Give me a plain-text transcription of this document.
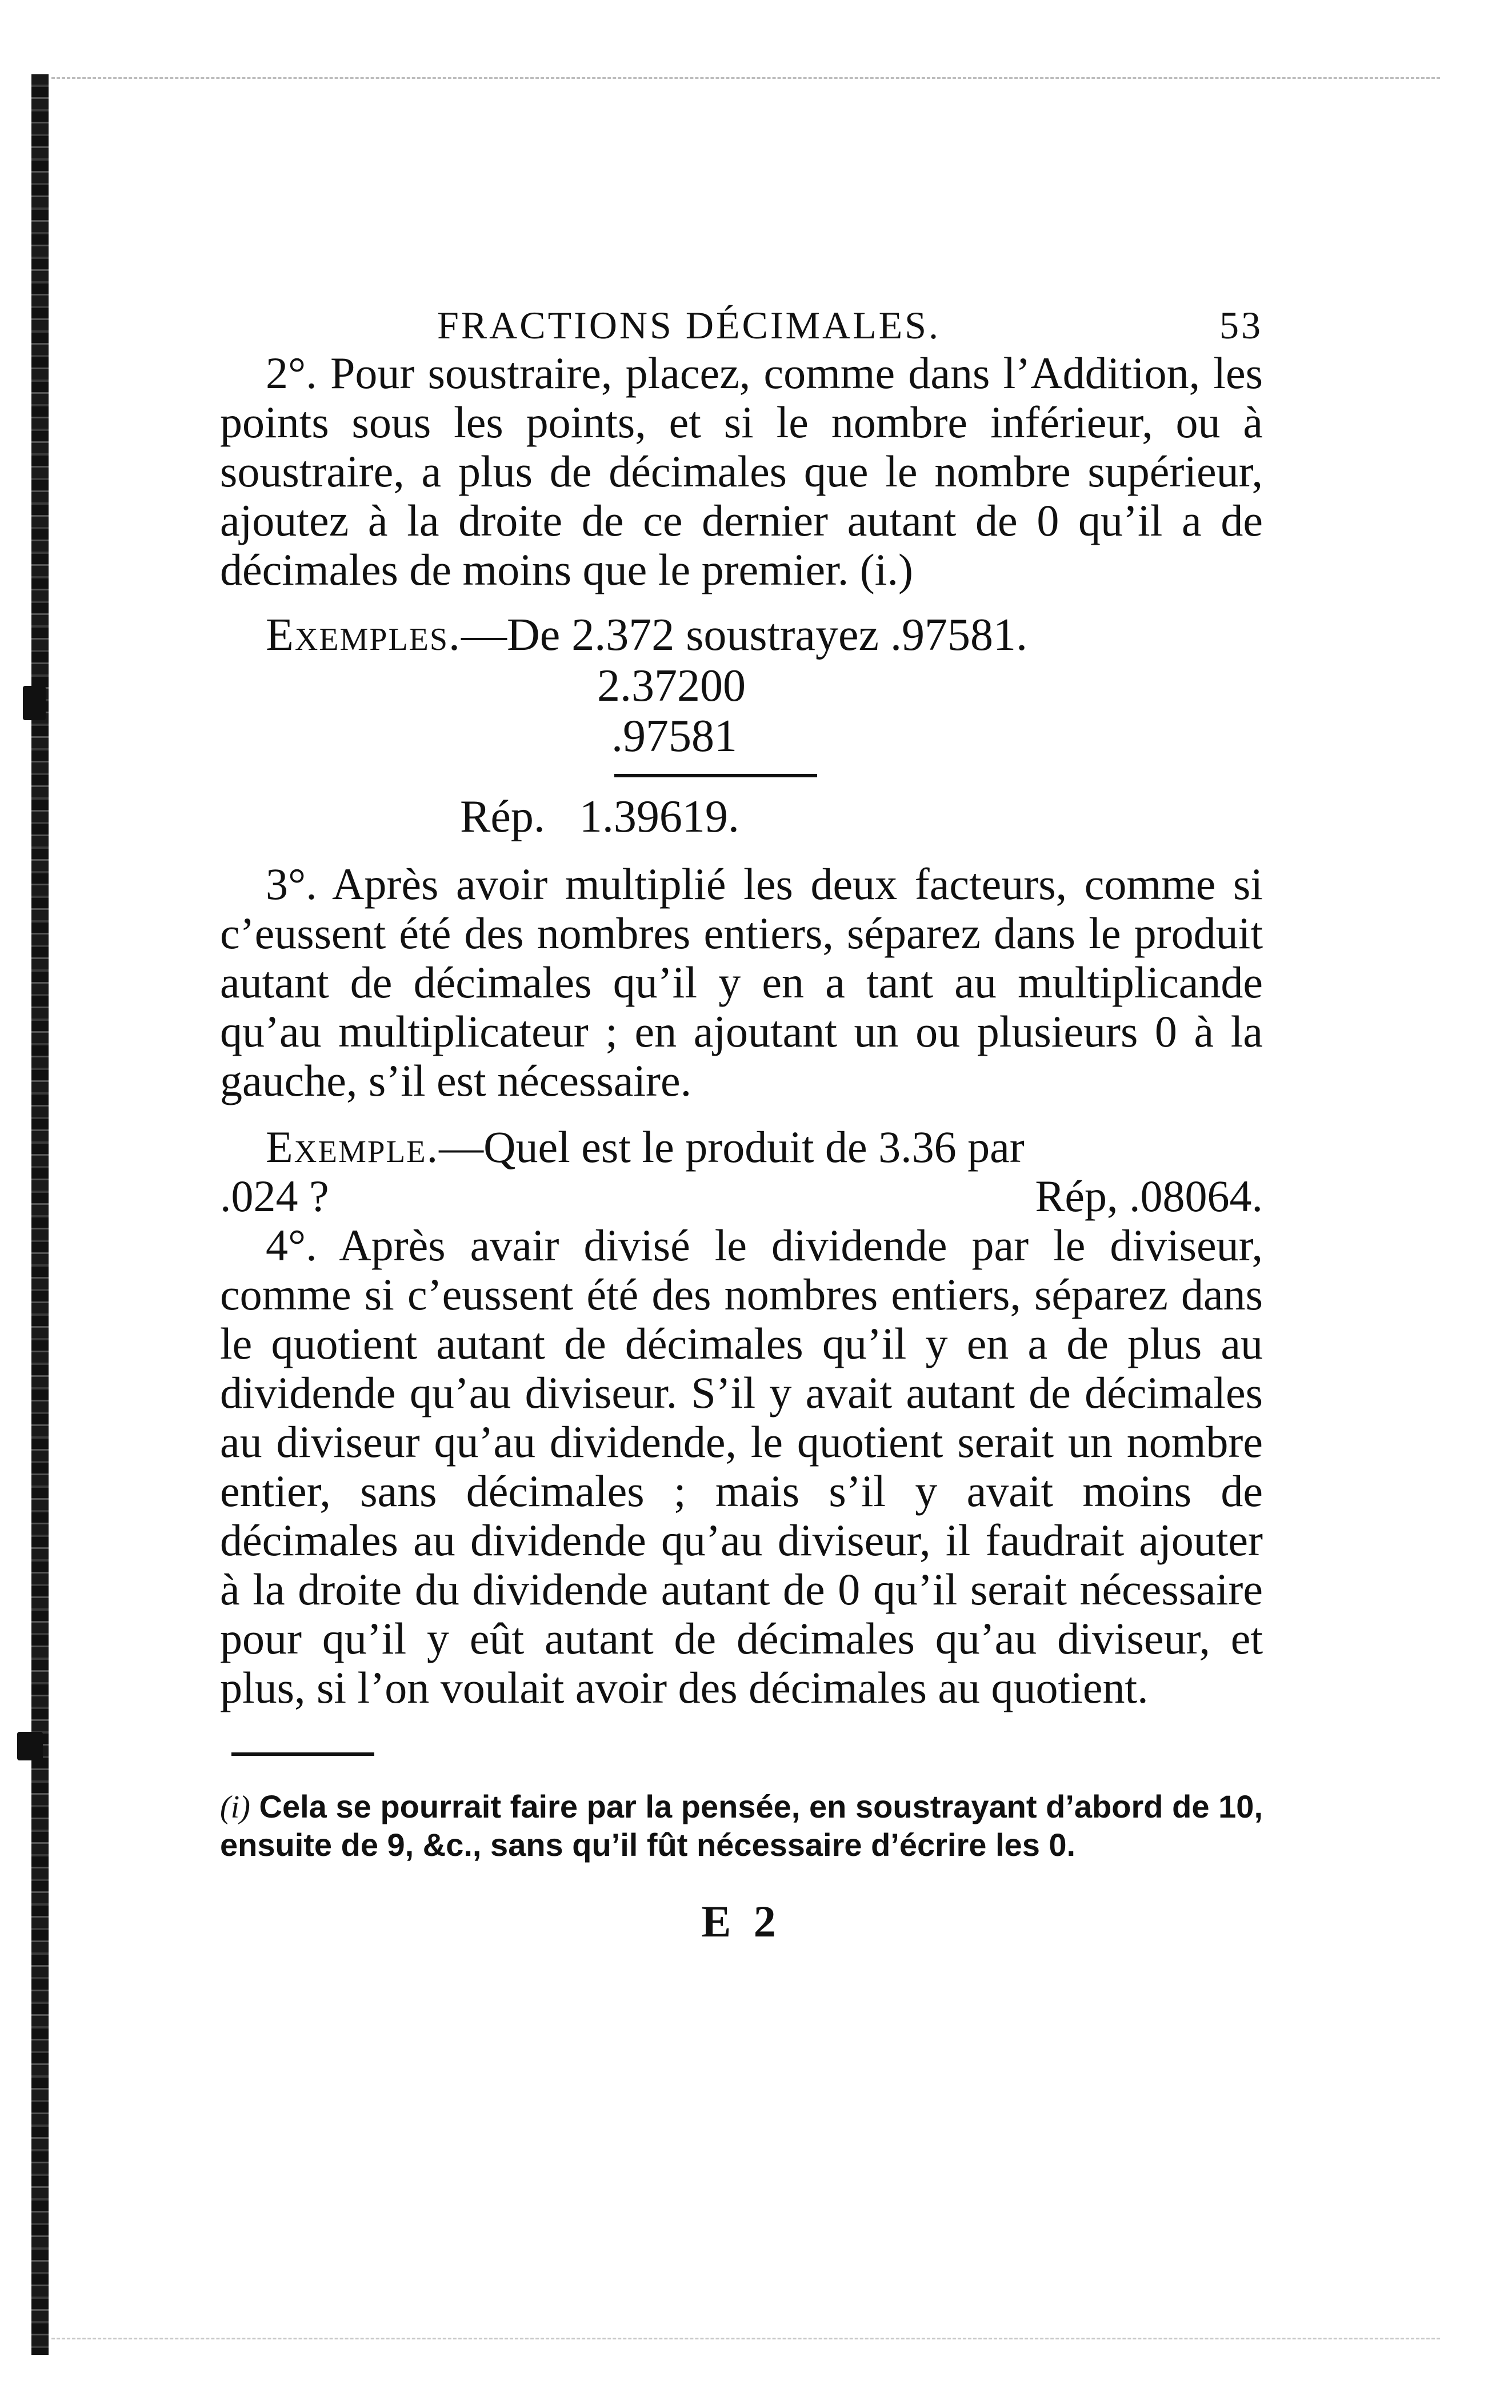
FRACTIONS DÉCIMALES.	53

2°. Pour soustraire, placez, comme dans l’Addition, les points sous les points, et si le nombre inférieur, ou à soustraire, a plus de décimales que le nombre supérieur, ajoutez à la droite de ce dernier autant de 0 qu’il a de décimales de moins que le premier. (i.)

Exemples.—De 2.372 soustrayez .97581.
2.37200
.97581
Rép. 1.39619.

3°. Après avoir multiplié les deux facteurs, comme si c’eussent été des nombres entiers, séparez dans le produit autant de décimales qu’il y en a tant au multiplicande qu’au multiplicateur ; en ajoutant un ou plusieurs 0 à la gauche, s’il est nécessaire.

Exemple.—Quel est le produit de 3.36 par

.024 ?	Rép, .08064.

4°. Après avair divisé le dividende par le diviseur, comme si c’eussent été des nombres entiers, séparez dans le quotient autant de décimales qu’il y en a de plus au dividende qu’au diviseur. S’il y avait autant de décimales au diviseur qu’au dividende, le quotient serait un nombre entier, sans décimales ; mais s’il y avait moins de décimales au dividende qu’au diviseur, il faudrait ajouter à la droite du dividende autant de 0 qu’il serait nécessaire pour qu’il y eût autant de décimales qu’au diviseur, et plus, si l’on voulait avoir des décimales au quotient.

(i) Cela se pourrait faire par la pensée, en soustrayant d’abord de 10, ensuite de 9, &c., sans qu’il fût nécessaire d’écrire les 0.

E 2
